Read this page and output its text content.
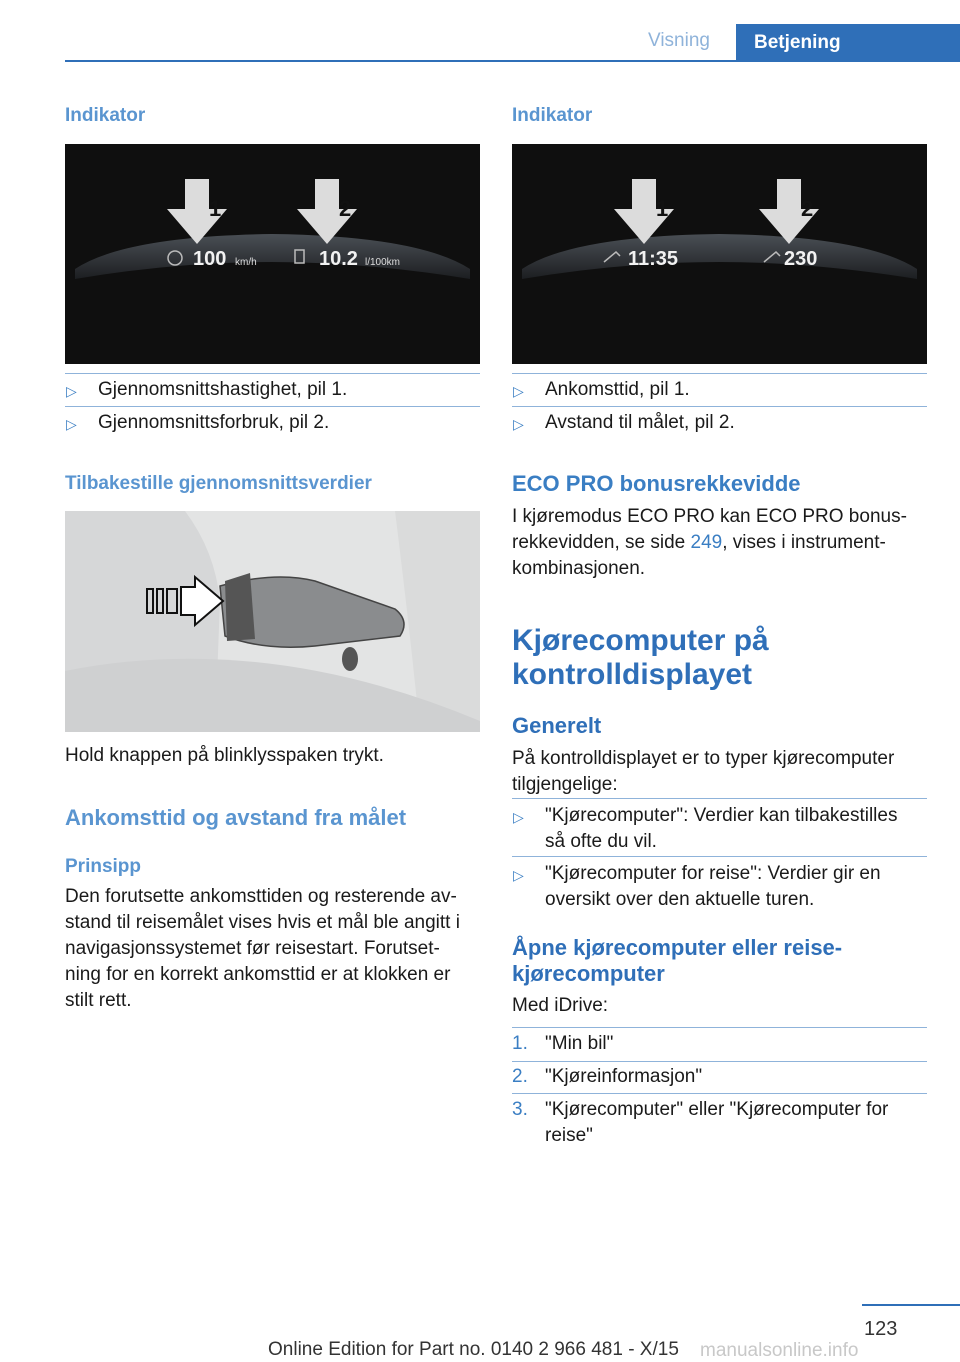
Visning	Betjening
Indikator
1	2
100 km/h	10.2 l/100km
▷ Gjennomsnittshastighet, pil 1.
▷ Gjennomsnittsforbruk, pil 2.
Tilbakestille gjennomsnittsverdier
Hold knappen på blinklysspaken trykt.
Ankomsttid og avstand fra målet
Prinsipp
Den forutsette ankomsttiden og resterende av-
stand til reisemålet vises hvis et mål ble angitt i
navigasjonssystemet før reisestart. Forutset-
ning for en korrekt ankomsttid er at klokken er
stilt rett.
Indikator
1	2
11:35	230
▷ Ankomsttid, pil 1.
▷ Avstand til målet, pil 2.
ECO PRO bonusrekkevidde
I kjøremodus ECO PRO kan ECO PRO bonus-
rekkevidden, se side 249, vises i instrument-
kombinasjonen.
Kjørecomputer på
kontrolldisplayet
Generelt
På kontrolldisplayet er to typer kjørecomputer
tilgjengelige:
▷ "Kjørecomputer": Verdier kan tilbakestilles
så ofte du vil.
▷ "Kjørecomputer for reise": Verdier gir en
oversikt over den aktuelle turen.
Åpne kjørecomputer eller reise-
kjørecomputer
Med iDrive:
1. "Min bil"
2. "Kjøreinformasjon"
3. "Kjørecomputer" eller "Kjørecomputer for
reise"
123
Online Edition for Part no. 0140 2 966 481 - X/15 manualsonline.info
